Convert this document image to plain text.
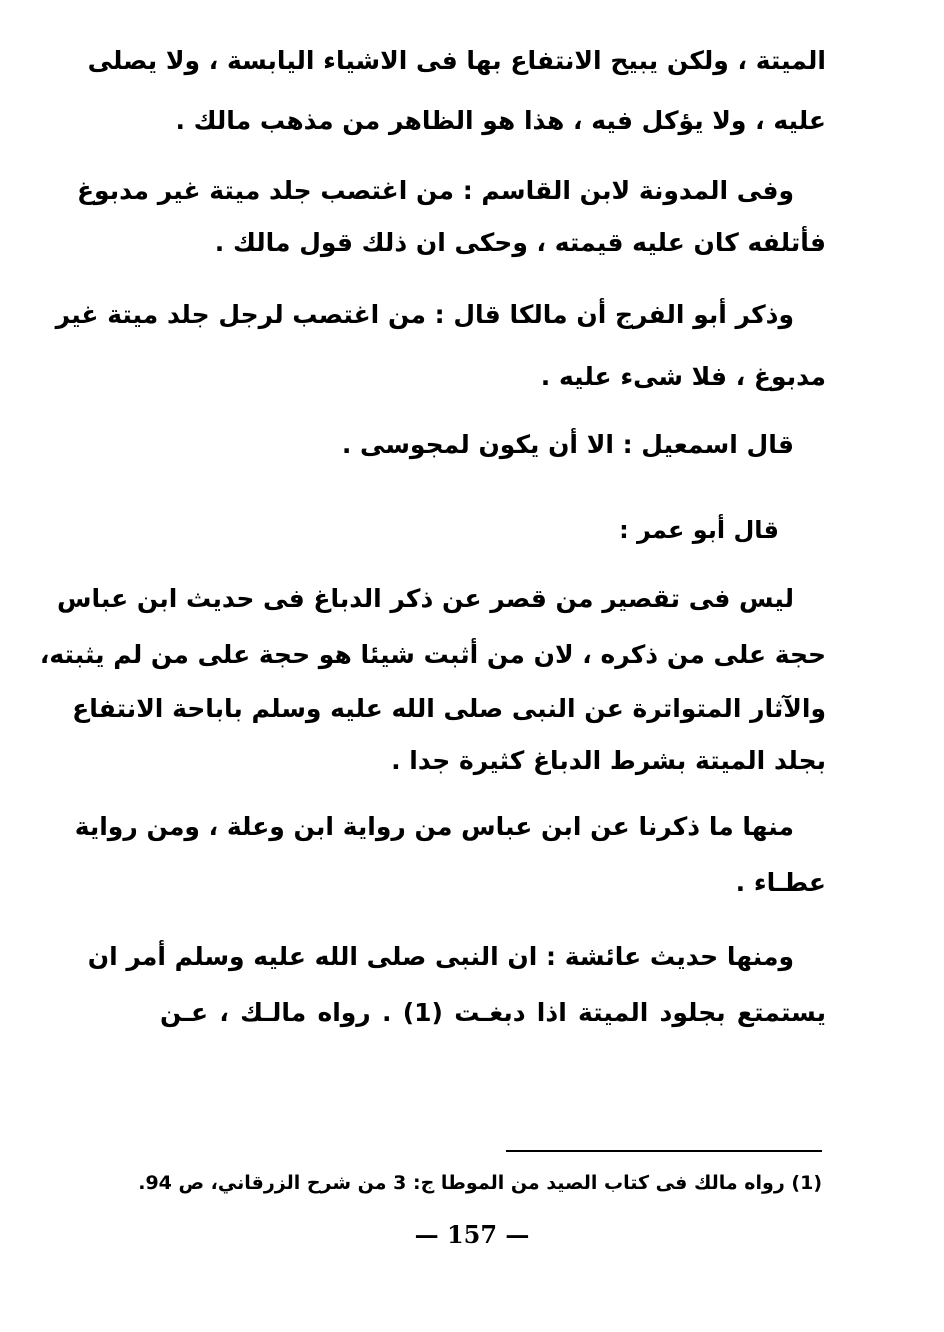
الميتة ، ولكن يبيح الانتفاع بها فى الاشياء اليابسة ، ولا يصلى
عليه ، ولا يؤكل فيه ، هذا هو الظاهر من مذهب مالك .
وفى المدونة لابن القاسم : من اغتصب جلد ميتة غير مدبوغ
فأتلفه كان عليه قيمته ، وحكى ان ذلك قول مالك .
وذكر أبو الفرج أن مالكا قال : من اغتصب لرجل جلد ميتة غير
مدبوغ ، فلا شىء عليه .
قال اسمعيل : الا أن يكون لمجوسى .
قال أبو عمر :
ليس فى تقصير من قصر عن ذكر الدباغ فى حديث ابن عباس
حجة على من ذكره ، لان من أثبت شيئا هو حجة على من لم يثبته،
والآثار المتواترة عن النبى صلى الله عليه وسلم باباحة الانتفاع
بجلد الميتة بشرط الدباغ كثيرة جدا .
منها ما ذكرنا عن ابن عباس من رواية ابن وعلة ، ومن رواية
عطـاء .
ومنها حديث عائشة : ان النبى صلى الله عليه وسلم أمر ان
يستمتع بجلود الميتة اذا دبغـت (1) . رواه مالـك ، عـن
(1) رواه مالك فى كتاب الصيد من الموطا ج: 3 من شرح الزرقاني، ص 94.
— 157 —
